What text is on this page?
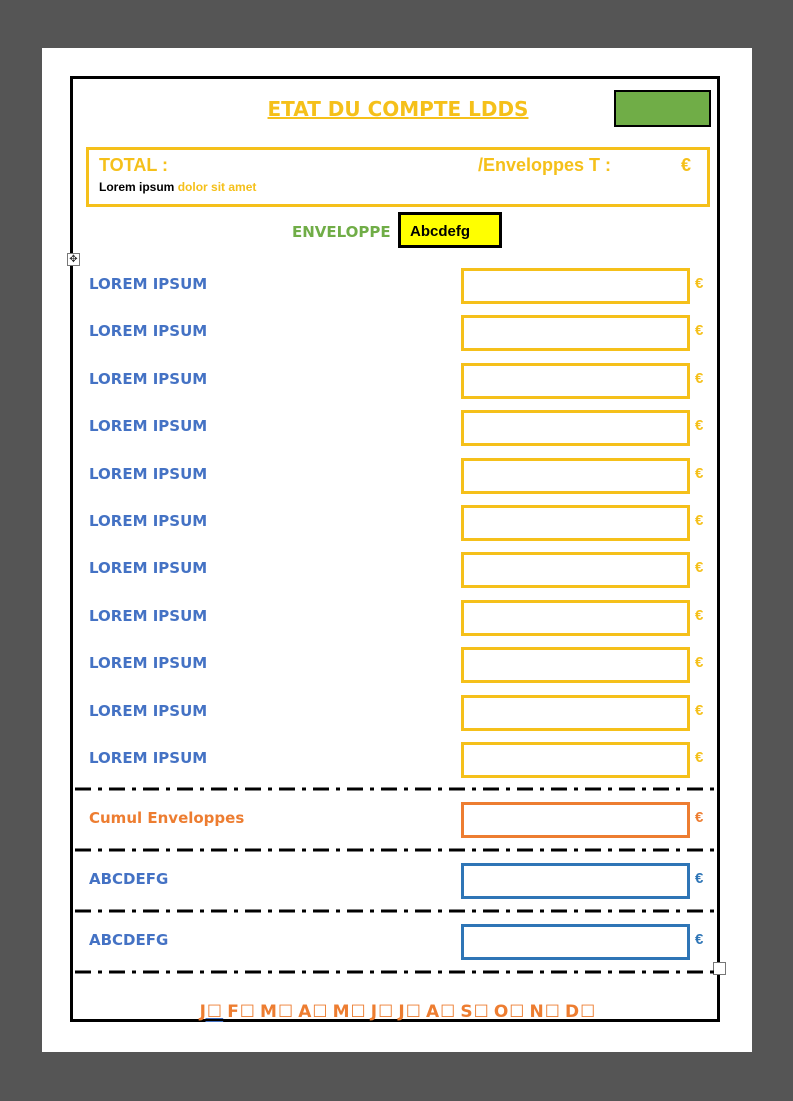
ETAT DU COMPTE LDDS
TOTAL :	/Enveloppes T :	€
Lorem ipsum dolor sit amet
ENVELOPPE	Abcdefg
✥
J☐ F☐ M☐ A☐ M☐ J☐ J☐ A☐ S☐ O☐ N☐ D☐
LOREM IPSUM	€
LOREM IPSUM	€
LOREM IPSUM	€
LOREM IPSUM	€
LOREM IPSUM	€
LOREM IPSUM	€
LOREM IPSUM	€
LOREM IPSUM	€
LOREM IPSUM	€
LOREM IPSUM	€
LOREM IPSUM	€
Cumul Enveloppes	€
ABCDEFG	€
ABCDEFG	€
